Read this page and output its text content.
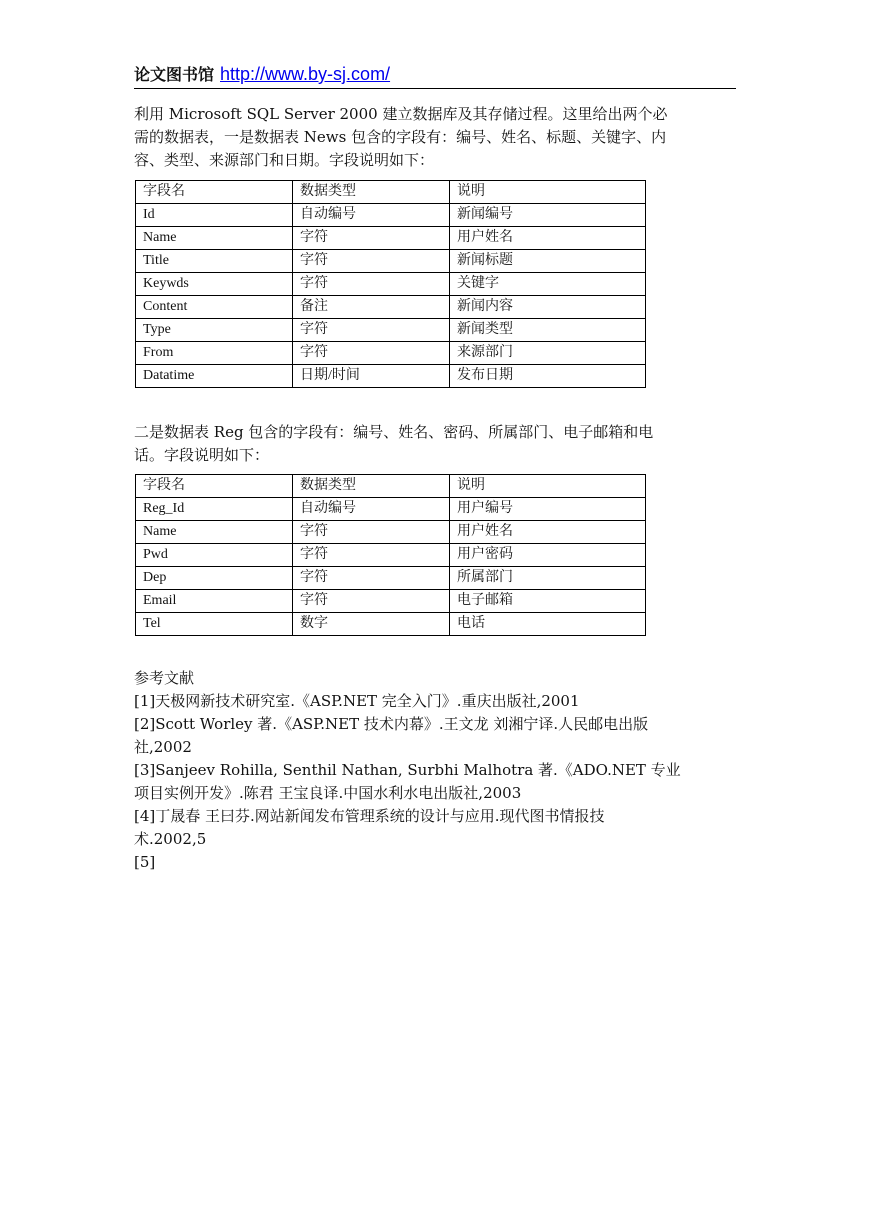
论文图书馆 http://www.by-sj.com/

利用 Microsoft SQL Server 2000 建立数据库及其存储过程。这里给出两个必
需的数据表，一是数据表 News 包含的字段有：编号、姓名、标题、关键字、内
容、类型、来源部门和日期。字段说明如下：

字段名	数据类型	说明
Id	自动编号	新闻编号
Name	字符	用户姓名
Title	字符	新闻标题
Keywds	字符	关键字
Content	备注	新闻内容
Type	字符	新闻类型
From	字符	来源部门
Datatime	日期/时间	发布日期

二是数据表 Reg 包含的字段有：编号、姓名、密码、所属部门、电子邮箱和电
话。字段说明如下：

字段名	数据类型	说明
Reg_Id	自动编号	用户编号
Name	字符	用户姓名
Pwd	字符	用户密码
Dep	字符	所属部门
Email	字符	电子邮箱
Tel	数字	电话
参考文献
[1]天极网新技术研究室.《ASP.NET 完全入门》.重庆出版社,2001
[2]Scott Worley 著.《ASP.NET 技术内幕》.王文龙 刘湘宁译.人民邮电出版
社,2002
[3]Sanjeev Rohilla, Senthil Nathan, Surbhi Malhotra 著.《ADO.NET 专业
项目实例开发》.陈君 王宝良译.中国水利水电出版社,2003
[4]丁晟春 王曰芬.网站新闻发布管理系统的设计与应用.现代图书情报技
术.2002,5
[5]
